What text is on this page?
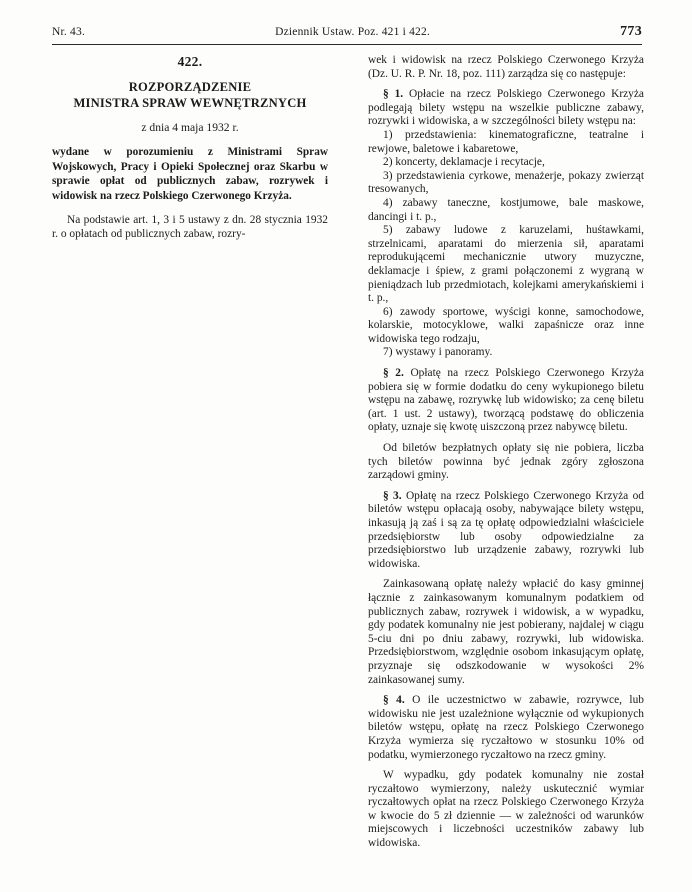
Nr. 43.	Dziennik Ustaw. Poz. 421 i 422.	773
422.
ROZPORZĄDZENIE
MINISTRA SPRAW WEWNĘTRZNYCH
z dnia 4 maja 1932 r.
wydane w porozumieniu z Ministrami Spraw Wojskowych, Pracy i Opieki Społecznej oraz Skarbu w sprawie opłat od publicznych zabaw, rozrywek i widowisk na rzecz Polskiego Czerwonego Krzyża.

Na podstawie art. 1, 3 i 5 ustawy z dn. 28 stycznia 1932 r. o opłatach od publicznych zabaw, rozry-

wek i widowisk na rzecz Polskiego Czerwonego Krzyża (Dz. U. R. P. Nr. 18, poz. 111) zarządza się co następuje:

§ 1. Opłacie na rzecz Polskiego Czerwonego Krzyża podlegają bilety wstępu na wszelkie publiczne zabawy, rozrywki i widowiska, a w szczególności bilety wstępu na:

1) przedstawienia: kinematograficzne, teatralne i rewjowe, baletowe i kabaretowe,

2) koncerty, deklamacje i recytacje,

3) przedstawienia cyrkowe, menażerje, pokazy zwierząt tresowanych,

4) zabawy taneczne, kostjumowe, bale maskowe, dancingi i t. p.,

5) zabawy ludowe z karuzelami, huśtawkami, strzelnicami, aparatami do mierzenia sił, aparatami reprodukującemi mechanicznie utwory muzyczne, deklamacje i śpiew, z grami połączonemi z wygraną w pieniądzach lub przedmiotach, kolejkami amerykańskiemi i t. p.,

6) zawody sportowe, wyścigi konne, samochodowe, kolarskie, motocyklowe, walki zapaśnicze oraz inne widowiska tego rodzaju,

7) wystawy i panoramy.

§ 2. Opłatę na rzecz Polskiego Czerwonego Krzyża pobiera się w formie dodatku do ceny wykupionego biletu wstępu na zabawę, rozrywkę lub widowisko; za cenę biletu (art. 1 ust. 2 ustawy), tworzącą podstawę do obliczenia opłaty, uznaje się kwotę uiszczoną przez nabywcę biletu.

Od biletów bezpłatnych opłaty się nie pobiera, liczba tych biletów powinna być jednak zgóry zgłoszona zarządowi gminy.

§ 3. Opłatę na rzecz Polskiego Czerwonego Krzyża od biletów wstępu opłacają osoby, nabywające bilety wstępu, inkasują ją zaś i są za tę opłatę odpowiedzialni właściciele przedsiębiorstw lub osoby odpowiedzialne za przedsiębiorstwo lub urządzenie zabawy, rozrywki lub widowiska.

Zainkasowaną opłatę należy wpłacić do kasy gminnej łącznie z zainkasowanym komunalnym podatkiem od publicznych zabaw, rozrywek i widowisk, a w wypadku, gdy podatek komunalny nie jest pobierany, najdalej w ciągu 5-ciu dni po dniu zabawy, rozrywki, lub widowiska. Przedsiębiorstwom, względnie osobom inkasującym opłatę, przyznaje się odszkodowanie w wysokości 2% zainkasowanej sumy.

§ 4. O ile uczestnictwo w zabawie, rozrywce, lub widowisku nie jest uzależnione wyłącznie od wykupionych biletów wstępu, opłatę na rzecz Polskiego Czerwonego Krzyża wymierza się ryczałtowo w stosunku 10% od podatku, wymierzonego ryczałtowo na rzecz gminy.

W wypadku, gdy podatek komunalny nie został ryczałtowo wymierzony, należy uskutecznić wymiar ryczałtowych opłat na rzecz Polskiego Czerwonego Krzyża w kwocie do 5 zł dziennie — w zależności od warunków miejscowych i liczebności uczestników zabawy lub widowiska.
